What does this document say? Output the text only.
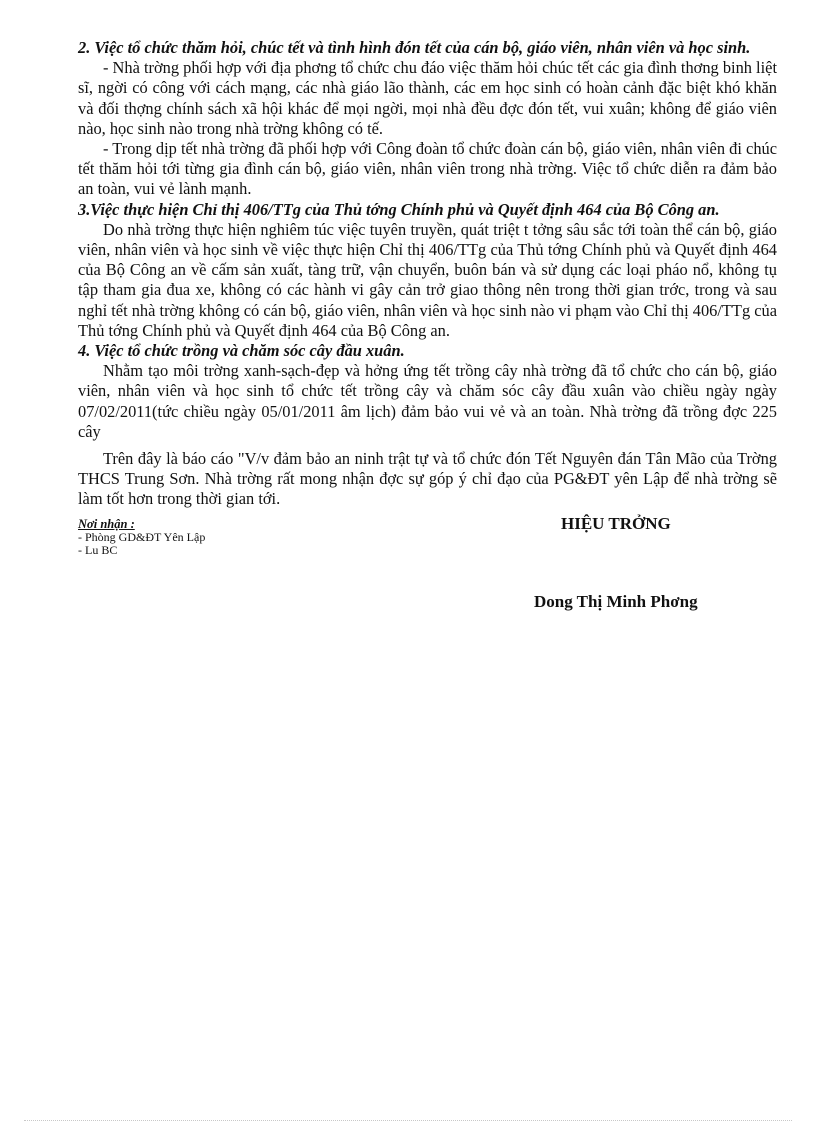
2. Việc tổ chức thăm hỏi, chúc tết và tình hình đón tết của cán bộ, giáo viên, nhân viên và học sinh.

- Nhà trờng phối hợp với địa phơng tổ chức chu đáo việc thăm hỏi chúc tết các gia đình thơng binh liệt sĩ, ngời có công với cách mạng, các nhà giáo lão thành, các em học sinh có hoàn cảnh đặc biệt khó khăn và đối thợng chính sách xã hội khác để mọi ngời, mọi nhà đều đợc đón tết, vui xuân; không để giáo viên nào, học sinh nào trong nhà trờng không có tế.

- Trong dịp tết nhà trờng đã phối hợp với Công đoàn tổ chức đoàn cán bộ, giáo viên, nhân viên đi chúc tết thăm hỏi tới từng gia đình cán bộ, giáo viên, nhân viên trong nhà trờng. Việc tổ chức diễn ra đảm bảo an toàn, vui vẻ lành mạnh.

3.Việc thực hiện Chỉ thị 406/TTg của Thủ tớng Chính phủ và Quyết định 464 của Bộ Công an.

Do nhà trờng thực hiện nghiêm túc việc tuyên truyền, quát triệt t tởng sâu sắc tới toàn thể cán bộ, giáo viên, nhân viên và học sinh về việc thực hiện Chỉ thị 406/TTg của Thủ tớng Chính phủ và Quyết định 464 của Bộ Công an về cấm sản xuất, tàng trữ, vận chuyển, buôn bán và sử dụng các loại pháo nổ, không tụ tập tham gia đua xe, không có các hành vi gây cản trở giao thông nên trong thời gian trớc, trong và sau nghỉ tết nhà trờng không có cán bộ, giáo viên, nhân viên và học sinh nào vi phạm vào Chỉ thị 406/TTg của Thủ tớng Chính phủ và Quyết định 464 của Bộ Công an.

4. Việc tổ chức trồng và chăm sóc cây đầu xuân.

Nhằm tạo môi trờng xanh-sạch-đẹp và hởng ứng tết trồng cây nhà trờng đã tổ chức cho cán bộ, giáo viên, nhân viên và học sinh tổ chức tết trồng cây và chăm sóc cây đầu xuân vào chiều ngày ngày 07/02/2011(tức chiều ngày 05/01/2011 âm lịch) đảm bảo vui vẻ và an toàn. Nhà trờng đã trồng đợc 225 cây

Trên đây là báo cáo "V/v đảm bảo an ninh trật tự và tổ chức đón Tết Nguyên đán Tân Mão của Trờng THCS Trung Sơn. Nhà trờng rất mong nhận đợc sự góp ý chỉ đạo của PG&ĐT yên Lập để nhà trờng sẽ làm tốt hơn trong thời gian tới.

Nơi nhận :
- Phòng GD&ĐT Yên Lập
- Lu BC
HIỆU TRỞNG
Dong Thị Minh Phơng
